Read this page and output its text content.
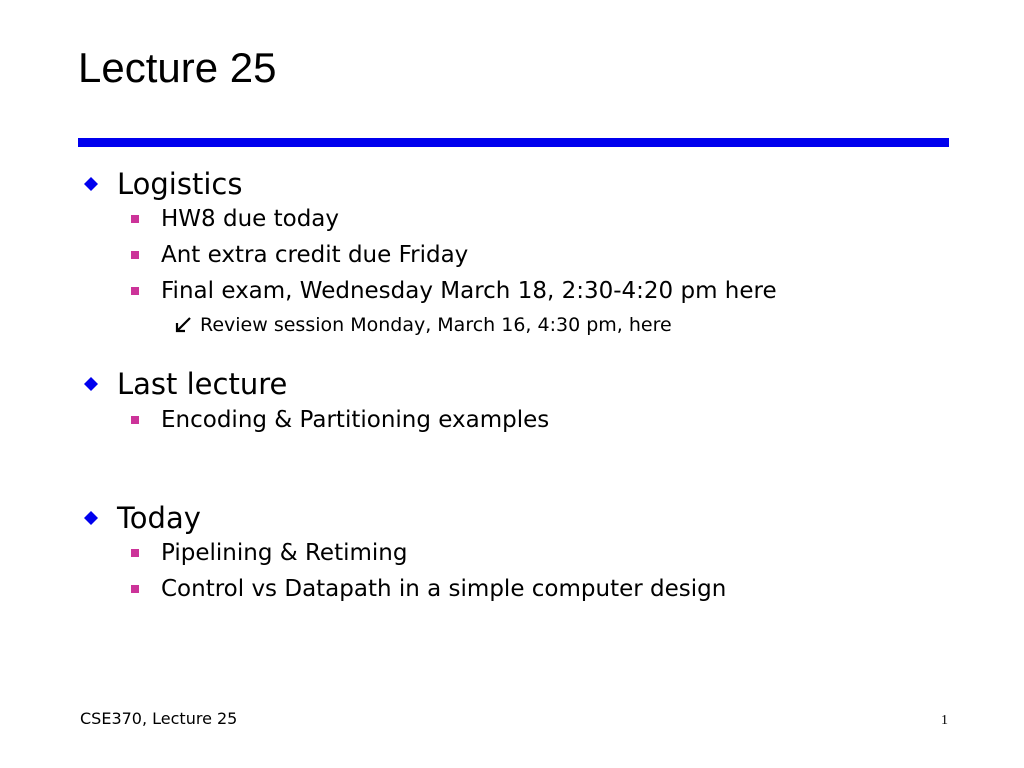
Lecture 25
Logistics
HW8 due today
Ant extra credit due Friday
Final exam, Wednesday March 18, 2:30-4:20 pm here
Review session Monday, March 16, 4:30 pm, here
Last lecture
Encoding & Partitioning examples
Today
Pipelining & Retiming
Control vs Datapath in a simple computer design
CSE370, Lecture 25	1
